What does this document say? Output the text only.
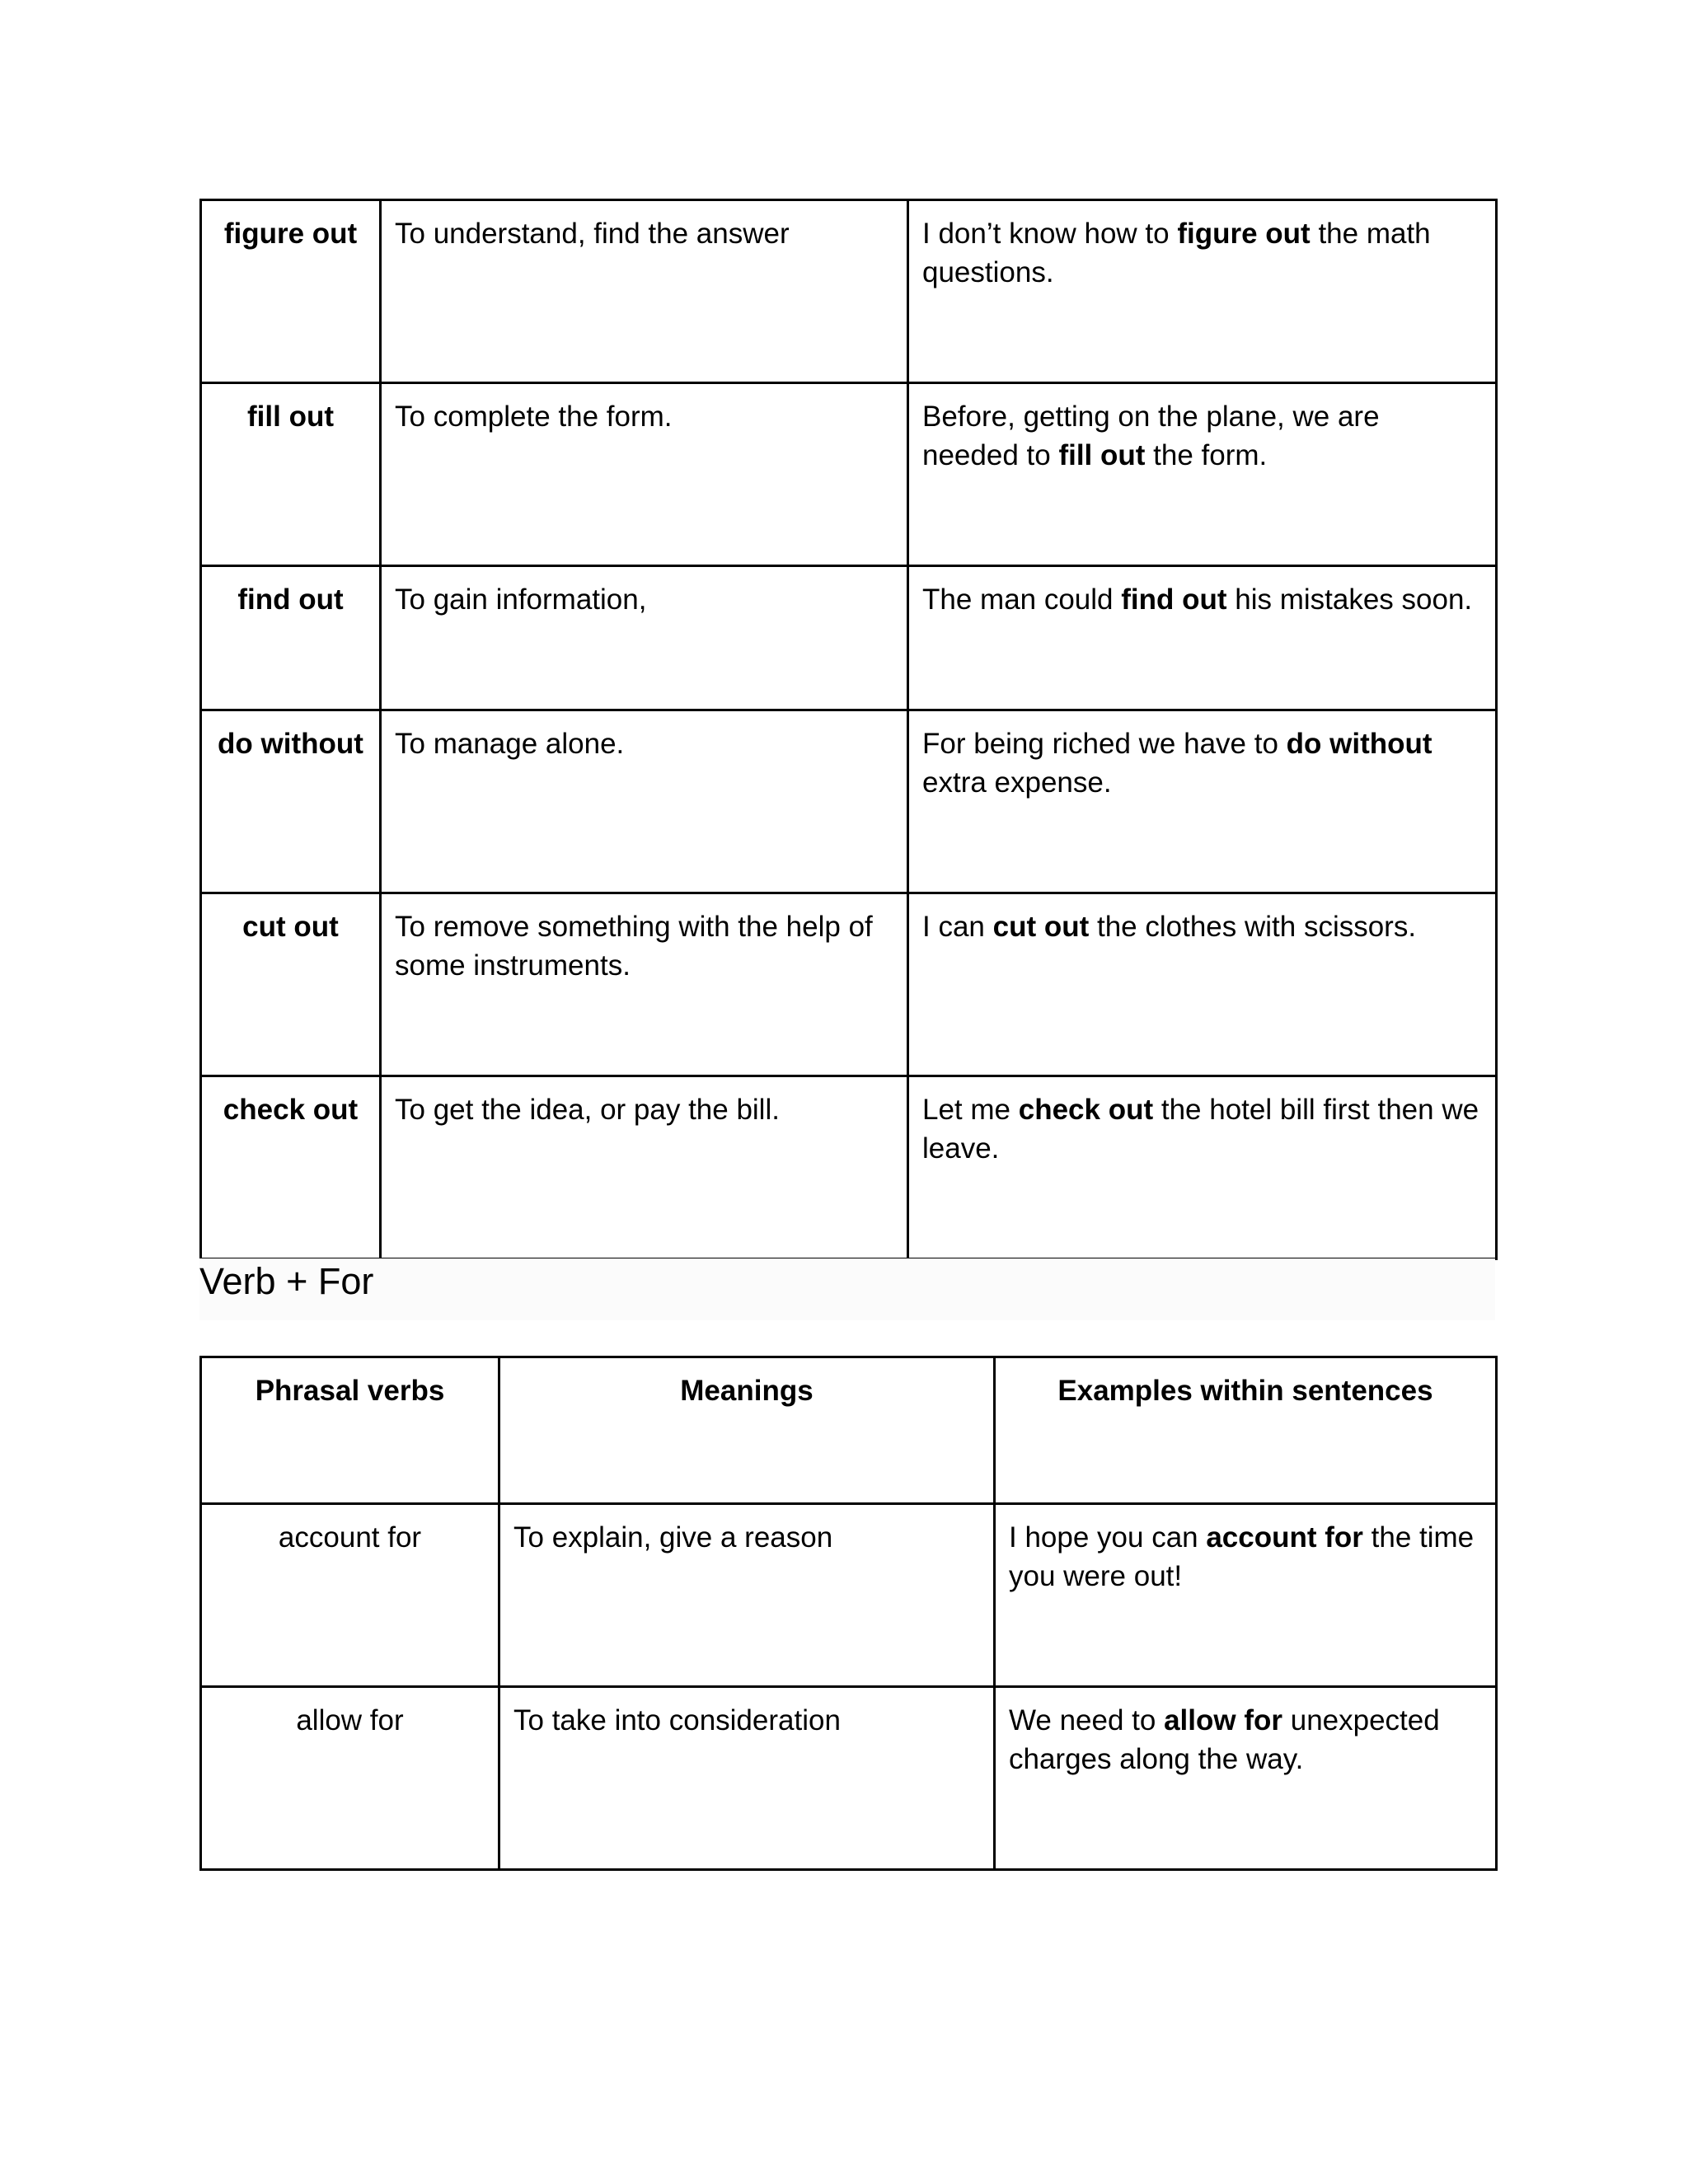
figure out	To understand, find the answer	I don’t know how to figure out the math questions.
fill out	To complete the form.	Before, getting on the plane, we are needed to fill out the form.
find out	To gain information,	The man could find out his mistakes soon.
do without	To manage alone.	For being riched we have to do without extra expense.
cut out	To remove something with the help of some instruments.	I can cut out the clothes with scissors.
check out	To get the idea, or pay the bill.	Let me check out the hotel bill first then we leave.
Verb + For
Phrasal verbs	Meanings	Examples within sentences
account for	To explain, give a reason	I hope you can account for the time you were out!
allow for	To take into consideration	We need to allow for unexpected charges along the way.
